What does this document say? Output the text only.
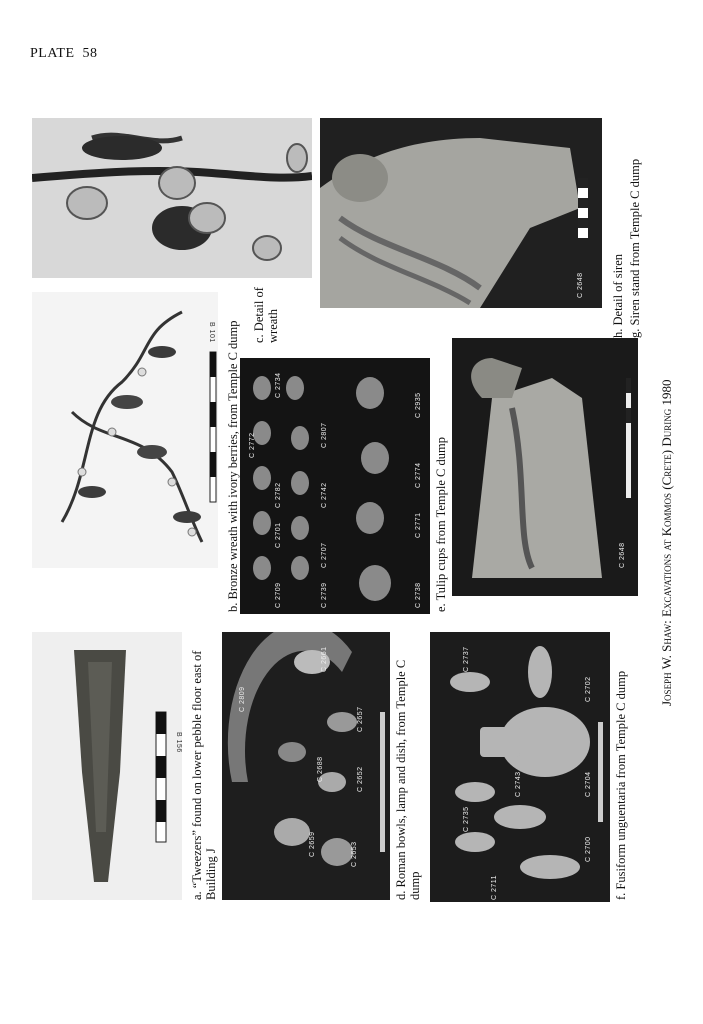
PLATE 58
B 156
B 101
C 2809
C 2661
C 2657
C 2688	C 2652
C 2659	C 2653
C 2772
C 2734
C 2782
C 2807
C 2701
C 2742
C 2709
C 2707
C 2739
C 2774
C 2771
C 2935
C 2738
C 2737
C 2702
C 2743	C 2704
C 2735
C 2700
C 2711
C 2648
C 2648
a. “Tweezers” found on lower pebble floor east of Building J
b. Bronze wreath with ivory berries, from Temple C dump
c. Detail of wreath
d. Roman bowls, lamp and dish, from Temple C dump
e. Tulip cups from Temple C dump
f. Fusiform unguentaria from Temple C dump
g. Siren stand from Temple C dump
h. Detail of siren
Joseph W. Shaw: Excavations at Kommos (Crete) During 1980
